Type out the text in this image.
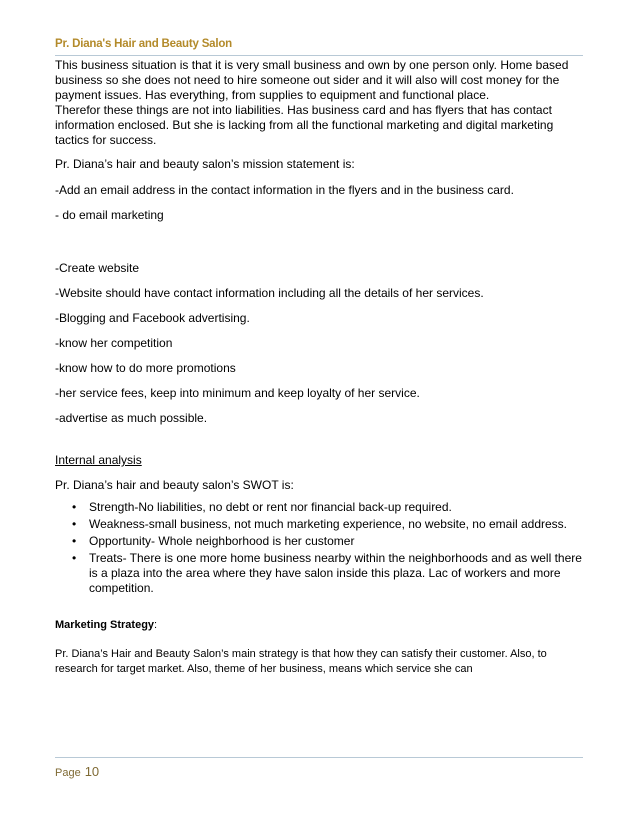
Pr. Diana's Hair and Beauty Salon

This business situation is that it is very small business and own by one person only. Home based business so she does not need to hire someone out sider and it will also will cost money for the payment issues. Has everything, from supplies to equipment and functional place.

Therefor these things are not into liabilities. Has business card and has flyers that has contact information enclosed. But she is lacking from all the functional marketing and digital marketing tactics for success.

Pr. Diana’s hair and beauty salon’s mission statement is:

-Add an email address in the contact information in the flyers and in the business card.

- do email marketing

-Create website

-Website should have contact information including all the details of her services.

-Blogging and Facebook advertising.

-know her competition

-know how to do more promotions

-her service fees, keep into minimum and keep loyalty of her service.

-advertise as much possible.

Internal analysis

Pr. Diana’s hair and beauty salon’s SWOT is:

• Strength-No liabilities, no debt or rent nor financial back-up required.
• Weakness-small business, not much marketing experience, no website, no email address.
• Opportunity- Whole neighborhood is her customer
• Treats- There is one more home business nearby within the neighborhoods and as well there is a plaza into the area where they have salon inside this plaza. Lac of workers and more competition.

Marketing Strategy:

Pr. Diana’s Hair and Beauty Salon’s main strategy is that how they can satisfy their customer. Also, to research for target market. Also, theme of her business, means which service she can

Page 10
